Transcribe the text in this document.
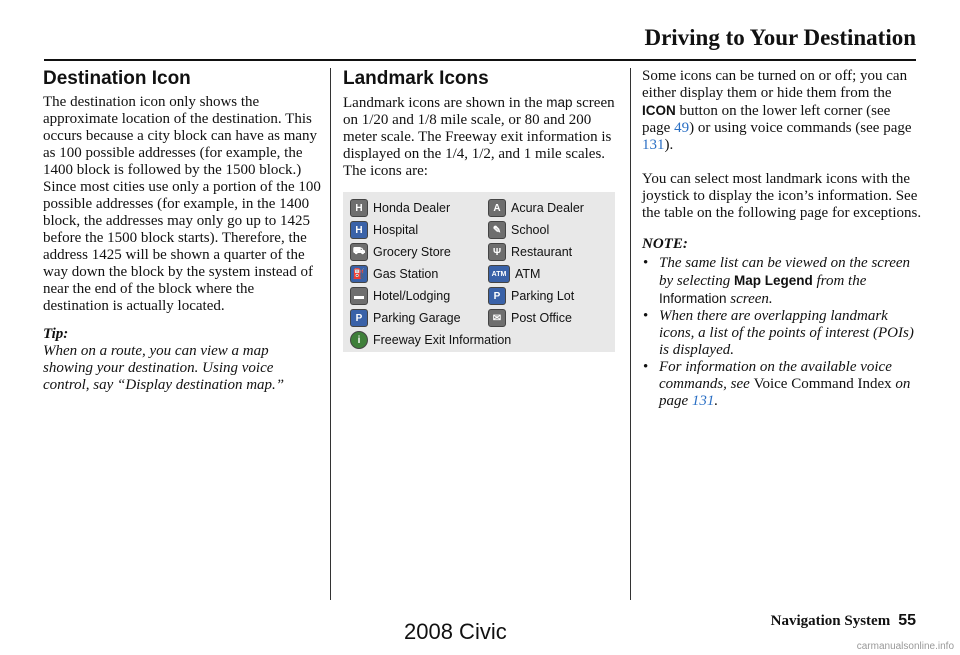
Driving to Your Destination
Destination Icon

The destination icon only shows the approximate location of the destination. This occurs because a city block can have as many as 100 possible addresses (for example, the 1400 block is followed by the 1500 block.) Since most cities use only a portion of the 100 possible addresses (for example, in the 1400 block, the addresses may only go up to 1425 before the 1500 block starts). Therefore, the address 1425 will be shown a quarter of the way down the block by the system instead of near the end of the block where the destination is actually located.

Tip:

When on a route, you can view a map showing your destination. Using voice control, say “Display destination map.”

Landmark Icons

Landmark icons are shown in the map screen on 1/20 and 1/8 mile scale, or 80 and 200 meter scale. The Freeway exit information is displayed on the 1/4, 1/2, and 1 mile scales. The icons are:

H Honda Dealer	A Acura Dealer
H Hospital	✎ School
⛟ Grocery Store	Ψ Restaurant
⛽ Gas Station	ATM ATM
▬ Hotel/Lodging	P Parking Lot
P Parking Garage	✉ Post Office
i	Freeway Exit Information

Some icons can be turned on or off; you can either display them or hide them from the ICON button on the lower left corner (see page 49) or using voice commands (see page 131).

You can select most landmark icons with the joystick to display the icon’s information. See the table on the following page for exceptions.

NOTE:

• The same list can be viewed on the screen by selecting Map Legend from the Information screen.
• When there are overlapping landmark icons, a list of the points of interest (POIs) is displayed.
• For information on the available voice commands, see Voice Command Index on page 131.
Navigation System 55
2008 Civic
carmanualsonline.info
